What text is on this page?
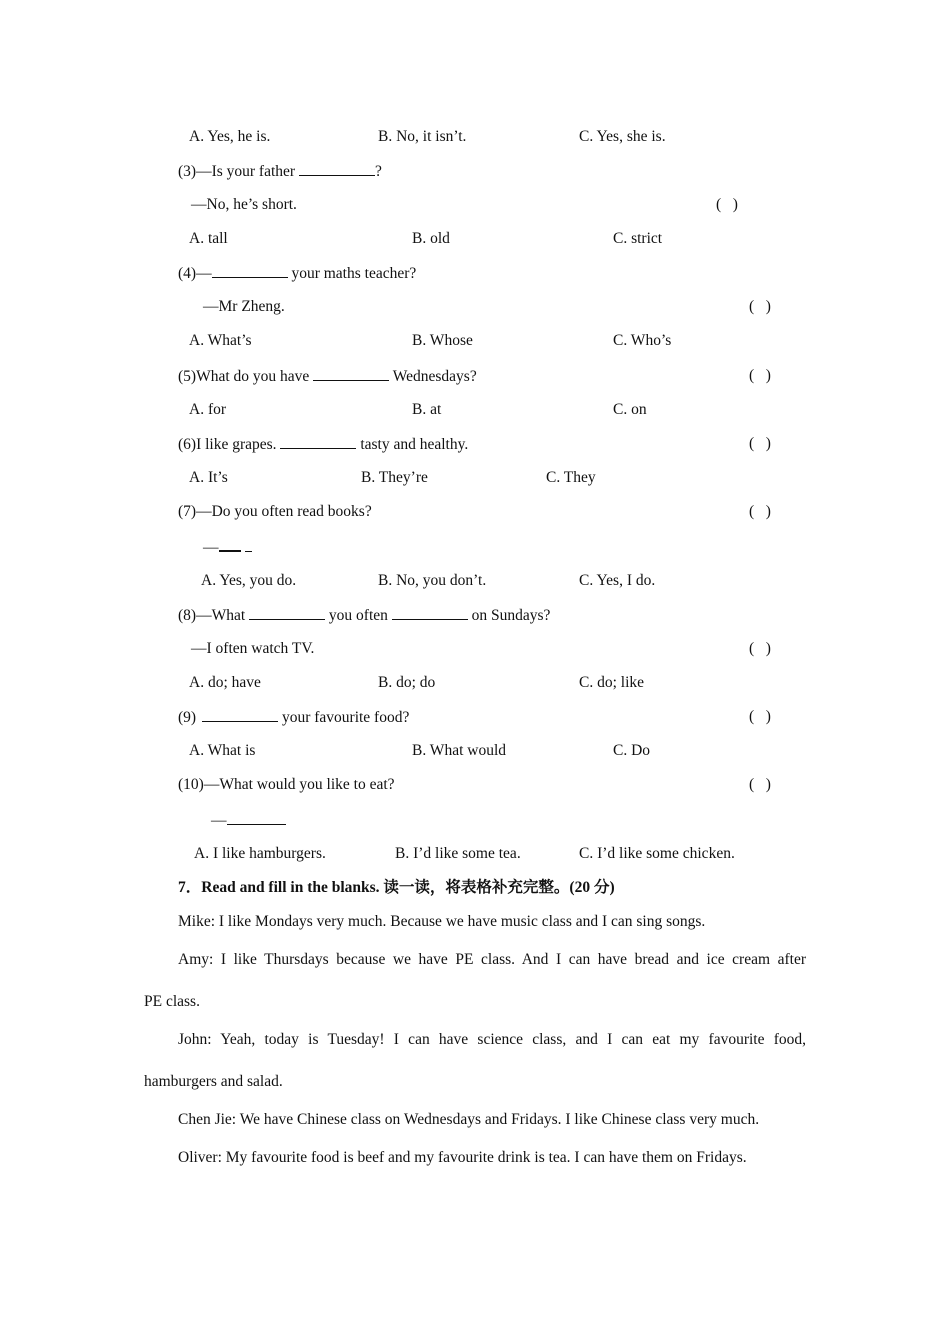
A. Yes, he is.	B. No, it isn’t.	C. Yes, she is.
(3)—Is your father	?
—No, he’s short.	(   )
A. tall	B. old	C. strict
(4)—	your maths teacher?
—Mr Zheng.	(   )
A. What’s	B. Whose	C. Who’s
(5)What do you have	Wednesdays?	(   )
A. for	B. at	C. on
(6)I like grapes.	tasty and healthy.	(   )
A. It’s	B. They’re	C. They
(7)—Do you often read books?	(   )
—
A. Yes, you do.	B. No, you don’t.	C. Yes, I do.
(8)—What	you often	on Sundays?
—I often watch TV.	(   )
A. do; have	B. do; do	C. do; like
(9)	your favourite food?	(   )
A. What is	B. What would	C. Do
(10)—What would you like to eat?	(   )
—
A. I like hamburgers.	B. I’d like some tea.	C. I’d like some chicken.
7．Read and fill in the blanks. 读一读，将表格补充完整。(20 分)
Mike: I like Mondays very much. Because we have music class and I can sing songs.
Amy: I like Thursdays because we have PE class. And I can have bread and ice cream after
PE class.
John: Yeah, today is Tuesday! I can have science class, and I can eat my favourite food,
hamburgers and salad.
Chen Jie: We have Chinese class on Wednesdays and Fridays. I like Chinese class very much.
Oliver: My favourite food is beef and my favourite drink is tea. I can have them on Fridays.
